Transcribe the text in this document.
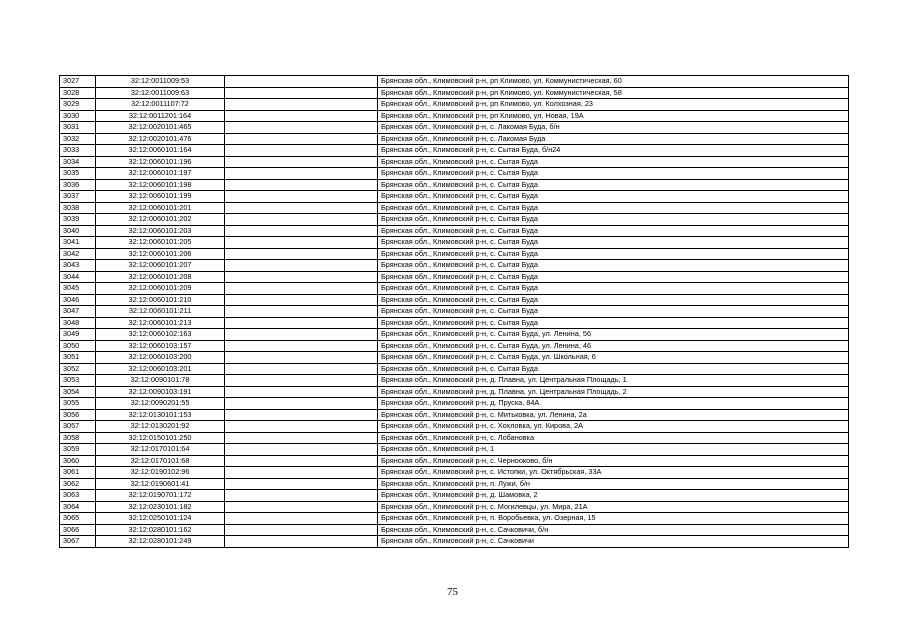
3027	32:12:0011009:53		Брянская обл., Климовский р-н, рп Климово, ул. Коммунистическая, 60
3028	32:12:0011009:63		Брянская обл., Климовский р-н, рп Климово, ул. Коммунистическая, 58
3029	32:12:0011107:72		Брянская обл., Климовский р-н, рп Климово, ул. Колхозная, 23
3030	32:12:0011201:164		Брянская обл., Климовский р-н, рп Климово, ул. Новая, 19А
3031	32:12:0020101:465		Брянская обл., Климовский р-н, с. Лакомая Буда, б/н
3032	32:12:0020101:476		Брянская обл., Климовский р-н, с. Лакомая Буда
3033	32:12:0060101:164		Брянская обл., Климовский р-н, с. Сытая Буда, б/н24
3034	32:12:0060101:196		Брянская обл., Климовский р-н, с. Сытая Буда
3035	32:12:0060101:197		Брянская обл., Климовский р-н, с. Сытая Буда
3036	32:12:0060101:198		Брянская обл., Климовский р-н, с. Сытая Буда
3037	32:12:0060101:199		Брянская обл., Климовский р-н, с. Сытая Буда
3038	32:12:0060101:201		Брянская обл., Климовский р-н, с. Сытая Буда
3039	32:12:0060101:202		Брянская обл., Климовский р-н, с. Сытая Буда
3040	32:12:0060101:203		Брянская обл., Климовский р-н, с. Сытая Буда
3041	32:12:0060101:205		Брянская обл., Климовский р-н, с. Сытая Буда
3042	32:12:0060101:206		Брянская обл., Климовский р-н, с. Сытая Буда
3043	32:12:0060101:207		Брянская обл., Климовский р-н, с. Сытая Буда
3044	32:12:0060101:208		Брянская обл., Климовский р-н, с. Сытая Буда
3045	32:12:0060101:209		Брянская обл., Климовский р-н, с. Сытая Буда
3046	32:12:0060101:210		Брянская обл., Климовский р-н, с. Сытая Буда
3047	32:12:0060101:211		Брянская обл., Климовский р-н, с. Сытая Буда
3048	32:12:0060101:213		Брянская обл., Климовский р-н, с. Сытая Буда
3049	32:12:0060102:163		Брянская обл., Климовский р-н, с. Сытая Буда, ул. Ленина, 56
3050	32:12:0060103:157		Брянская обл., Климовский р-н, с. Сытая Буда, ул. Ленина, 46
3051	32:12:0060103:200		Брянская обл., Климовский р-н, с. Сытая Буда, ул. Школьная, 6
3052	32:12:0060103:201		Брянская обл., Климовский р-н, с. Сытая Буда
3053	32:12:0090101:78		Брянская обл., Климовский р-н, д. Плавна, ул. Центральная Площадь, 1
3054	32:12:0090103:191		Брянская обл., Климовский р-н, д. Плавна, ул. Центральная Площадь, 2
3055	32:12:0090201:55		Брянская обл., Климовский р-н, д. Пруска, 84А
3056	32:12:0130101:153		Брянская обл., Климовский р-н, с. Митьковка, ул. Ленина, 2а
3057	32:12:0130201:92		Брянская обл., Климовский р-н, с. Хохловка, ул. Кирова, 2А
3058	32:12:0150101:250		Брянская обл., Климовский р-н, с. Лобановка
3059	32:12:0170101:64		Брянская обл., Климовский р-н, 1
3060	32:12:0170101:68		Брянская обл., Климовский р-н, с. Чернооково, б/н
3061	32:12:0190102:96		Брянская обл., Климовский р-н, с. Истопки, ул. Октябрьская, 33А
3062	32:12:0190601:41		Брянская обл., Климовский р-н, п. Лужи, б/н
3063	32:12:0190701:172		Брянская обл., Климовский р-н, д. Шамовка, 2
3064	32:12:0230101:182		Брянская обл., Климовский р-н, с. Могилевцы, ул. Мира, 21А
3065	32:12:0250101:124		Брянская обл., Климовский р-н, п. Воробьевка, ул. Озерная, 15
3066	32:12:0280101:162		Брянская обл., Климовский р-н, с. Сачковичи, б/н
3067	32:12:0280101:249		Брянская обл., Климовский р-н, с. Сачковичи
75
